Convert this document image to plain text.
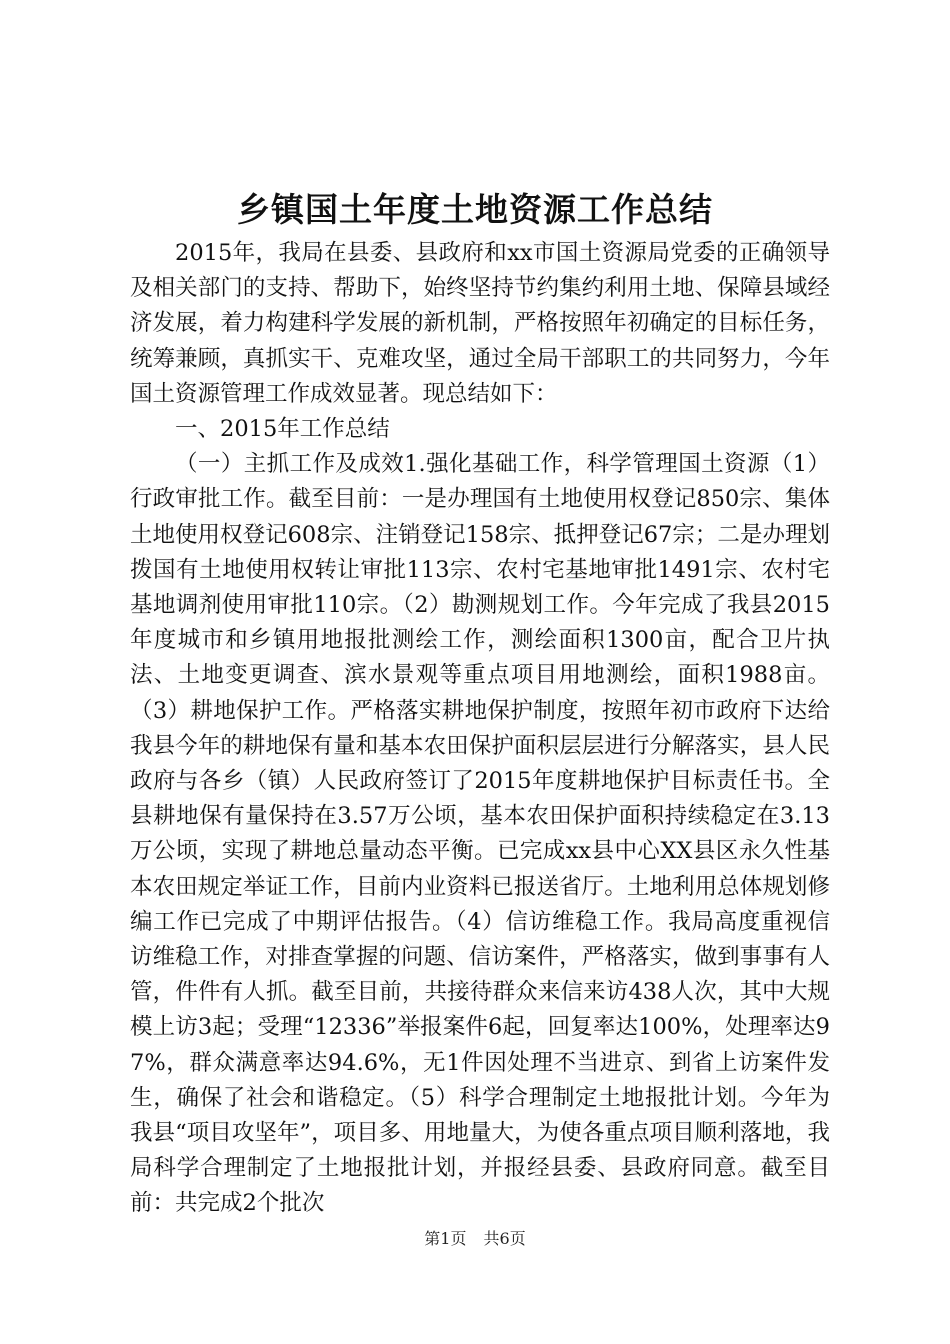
乡镇国土年度土地资源工作总结

2015年，我局在县委、县政府和xx市国土资源局党委的正确领导及相关部门的支持、帮助下，始终坚持节约集约利用土地、保障县域经济发展，着力构建科学发展的新机制，严格按照年初确定的目标任务，统筹兼顾，真抓实干、克难攻坚，通过全局干部职工的共同努力，今年国土资源管理工作成效显著。现总结如下：

一、2015年工作总结

（一）主抓工作及成效1.强化基础工作，科学管理国土资源（1）行政审批工作。截至目前：一是办理国有土地使用权登记850宗、集体土地使用权登记608宗、注销登记158宗、抵押登记67宗；二是办理划拨国有土地使用权转让审批113宗、农村宅基地审批1491宗、农村宅基地调剂使用审批110宗。（2）勘测规划工作。今年完成了我县2015年度城市和乡镇用地报批测绘工作，测绘面积1300亩，配合卫片执法、土地变更调查、滨水景观等重点项目用地测绘，面积1988亩。（3）耕地保护工作。严格落实耕地保护制度，按照年初市政府下达给我县今年的耕地保有量和基本农田保护面积层层进行分解落实，县人民政府与各乡（镇）人民政府签订了2015年度耕地保护目标责任书。全县耕地保有量保持在3.57万公顷，基本农田保护面积持续稳定在3.13万公顷，实现了耕地总量动态平衡。已完成xx县中心XX县区永久性基本农田规定举证工作，目前内业资料已报送省厅。土地利用总体规划修编工作已完成了中期评估报告。（4）信访维稳工作。我局高度重视信访维稳工作，对排查掌握的问题、信访案件，严格落实，做到事事有人管，件件有人抓。截至目前，共接待群众来信来访438人次，其中大规模上访3起；受理“12336”举报案件6起，回复率达100%，处理率达97%，群众满意率达94.6%，无1件因处理不当进京、到省上访案件发生，确保了社会和谐稳定。（5）科学合理制定土地报批计划。今年为我县“项目攻坚年”，项目多、用地量大，为使各重点项目顺利落地，我局科学合理制定了土地报批计划，并报经县委、县政府同意。截至目前：共完成2个批次

第1页 共6页
